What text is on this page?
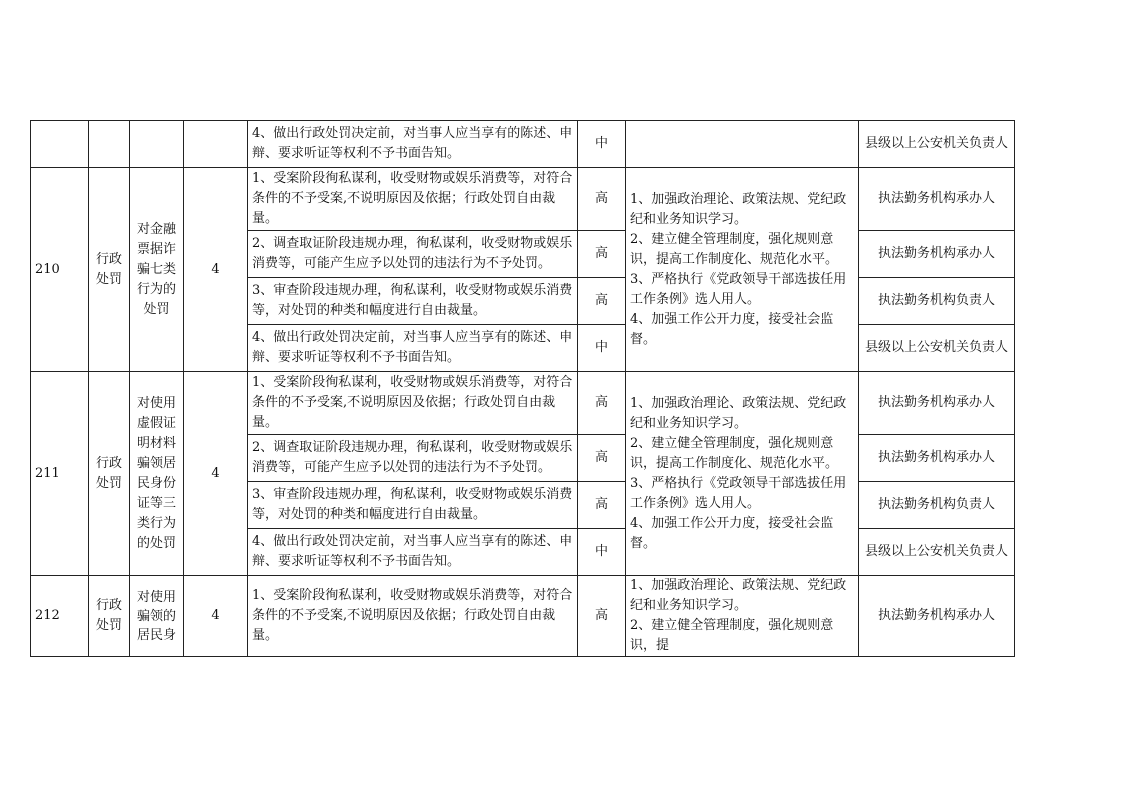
				4、做出行政处罚决定前，对当事人应当享有的陈述、申辩、要求听证等权利不予书面告知。	中		县级以上公安机关负责人
210	行政处罚	对金融票据诈骗七类行为的处罚	4	1、受案阶段徇私谋利，收受财物或娱乐消费等，对符合条件的不予受案,不说明原因及依据；行政处罚自由裁量。	高	1、加强政治理论、政策法规、党纪政纪和业务知识学习。
2、建立健全管理制度，强化规则意识，提高工作制度化、规范化水平。
3、严格执行《党政领导干部选拔任用工作条例》选人用人。
4、加强工作公开力度，接受社会监督。	执法勤务机构承办人
				2、调查取证阶段违规办理，徇私谋利，收受财物或娱乐消费等，可能产生应予以处罚的违法行为不予处罚。	高		执法勤务机构承办人
				3、审查阶段违规办理，徇私谋利，收受财物或娱乐消费等，对处罚的种类和幅度进行自由裁量。	高		执法勤务机构负责人
				4、做出行政处罚决定前，对当事人应当享有的陈述、申辩、要求听证等权利不予书面告知。	中		县级以上公安机关负责人
211	行政处罚	对使用虚假证明材料骗领居民身份证等三类行为的处罚	4	1、受案阶段徇私谋利，收受财物或娱乐消费等，对符合条件的不予受案,不说明原因及依据；行政处罚自由裁量。	高	1、加强政治理论、政策法规、党纪政纪和业务知识学习。
2、建立健全管理制度，强化规则意识，提高工作制度化、规范化水平。
3、严格执行《党政领导干部选拔任用工作条例》选人用人。
4、加强工作公开力度，接受社会监督。	执法勤务机构承办人
				2、调查取证阶段违规办理，徇私谋利，收受财物或娱乐消费等，可能产生应予以处罚的违法行为不予处罚。	高		执法勤务机构承办人
				3、审查阶段违规办理，徇私谋利，收受财物或娱乐消费等，对处罚的种类和幅度进行自由裁量。	高		执法勤务机构负责人
				4、做出行政处罚决定前，对当事人应当享有的陈述、申辩、要求听证等权利不予书面告知。	中		县级以上公安机关负责人
212	行政处罚	对使用骗领的居民身	4	1、受案阶段徇私谋利，收受财物或娱乐消费等，对符合条件的不予受案,不说明原因及依据；行政处罚自由裁量。	高	1、加强政治理论、政策法规、党纪政纪和业务知识学习。
2、建立健全管理制度，强化规则意识，提	执法勤务机构承办人
